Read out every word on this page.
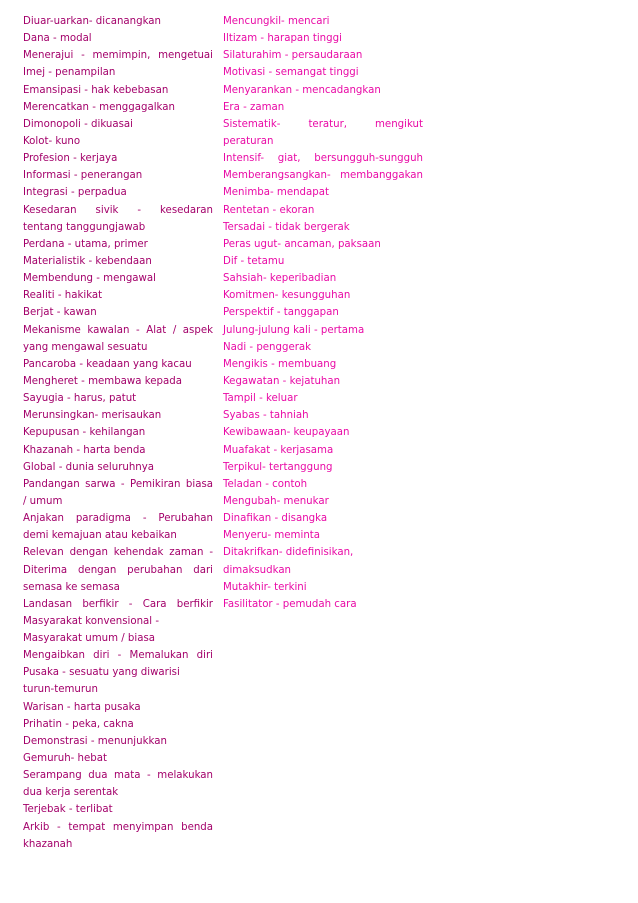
Diuar-uarkan- dicanangkan
Dana - modal
Menerajui - memimpin, mengetuai
Imej - penampilan
Emansipasi - hak kebebasan
Merencatkan - menggagalkan
Dimonopoli - dikuasai
Kolot- kuno
Profesion - kerjaya
Informasi - penerangan
Integrasi - perpadua
Kesedaran sivik - kesedaran
tentang tanggungjawab
Perdana - utama, primer
Materialistik - kebendaan
Membendung - mengawal
Realiti - hakikat
Berjat - kawan
Mekanisme kawalan - Alat / aspek
yang mengawal sesuatu
Pancaroba - keadaan yang kacau
Mengheret - membawa kepada
Sayugia - harus, patut
Merunsingkan- merisaukan
Kepupusan - kehilangan
Khazanah - harta benda
Global - dunia seluruhnya
Pandangan sarwa - Pemikiran biasa
/ umum
Anjakan paradigma - Perubahan
demi kemajuan atau kebaikan
Relevan dengan kehendak zaman -
Diterima dengan perubahan dari
semasa ke semasa
Landasan berfikir - Cara berfikir
Masyarakat konvensional -
Masyarakat umum / biasa
Mengaibkan diri - Memalukan diri
Pusaka - sesuatu yang diwarisi
turun-temurun
Warisan - harta pusaka
Prihatin - peka, cakna
Demonstrasi - menunjukkan
Gemuruh- hebat
Serampang dua mata - melakukan
dua kerja serentak
Terjebak - terlibat
Arkib - tempat menyimpan benda
khazanah
Mencungkil- mencari
Iltizam - harapan tinggi
Silaturahim - persaudaraan
Motivasi - semangat tinggi
Menyarankan - mencadangkan
Era - zaman
Sistematik- teratur, mengikut
peraturan
Intensif- giat, bersungguh-sungguh
Memberangsangkan- membanggakan
Menimba- mendapat
Rentetan - ekoran
Tersadai - tidak bergerak
Peras ugut- ancaman, paksaan
Dif - tetamu
Sahsiah- keperibadian
Komitmen- kesungguhan
Perspektif - tanggapan
Julung-julung kali - pertama
Nadi - penggerak
Mengikis - membuang
Kegawatan - kejatuhan
Tampil - keluar
Syabas - tahniah
Kewibawaan- keupayaan
Muafakat - kerjasama
Terpikul- tertanggung
Teladan - contoh
Mengubah- menukar
Dinafikan - disangka
Menyeru- meminta
Ditakrifkan- didefinisikan,
dimaksudkan
Mutakhir- terkini
Fasilitator - pemudah cara
